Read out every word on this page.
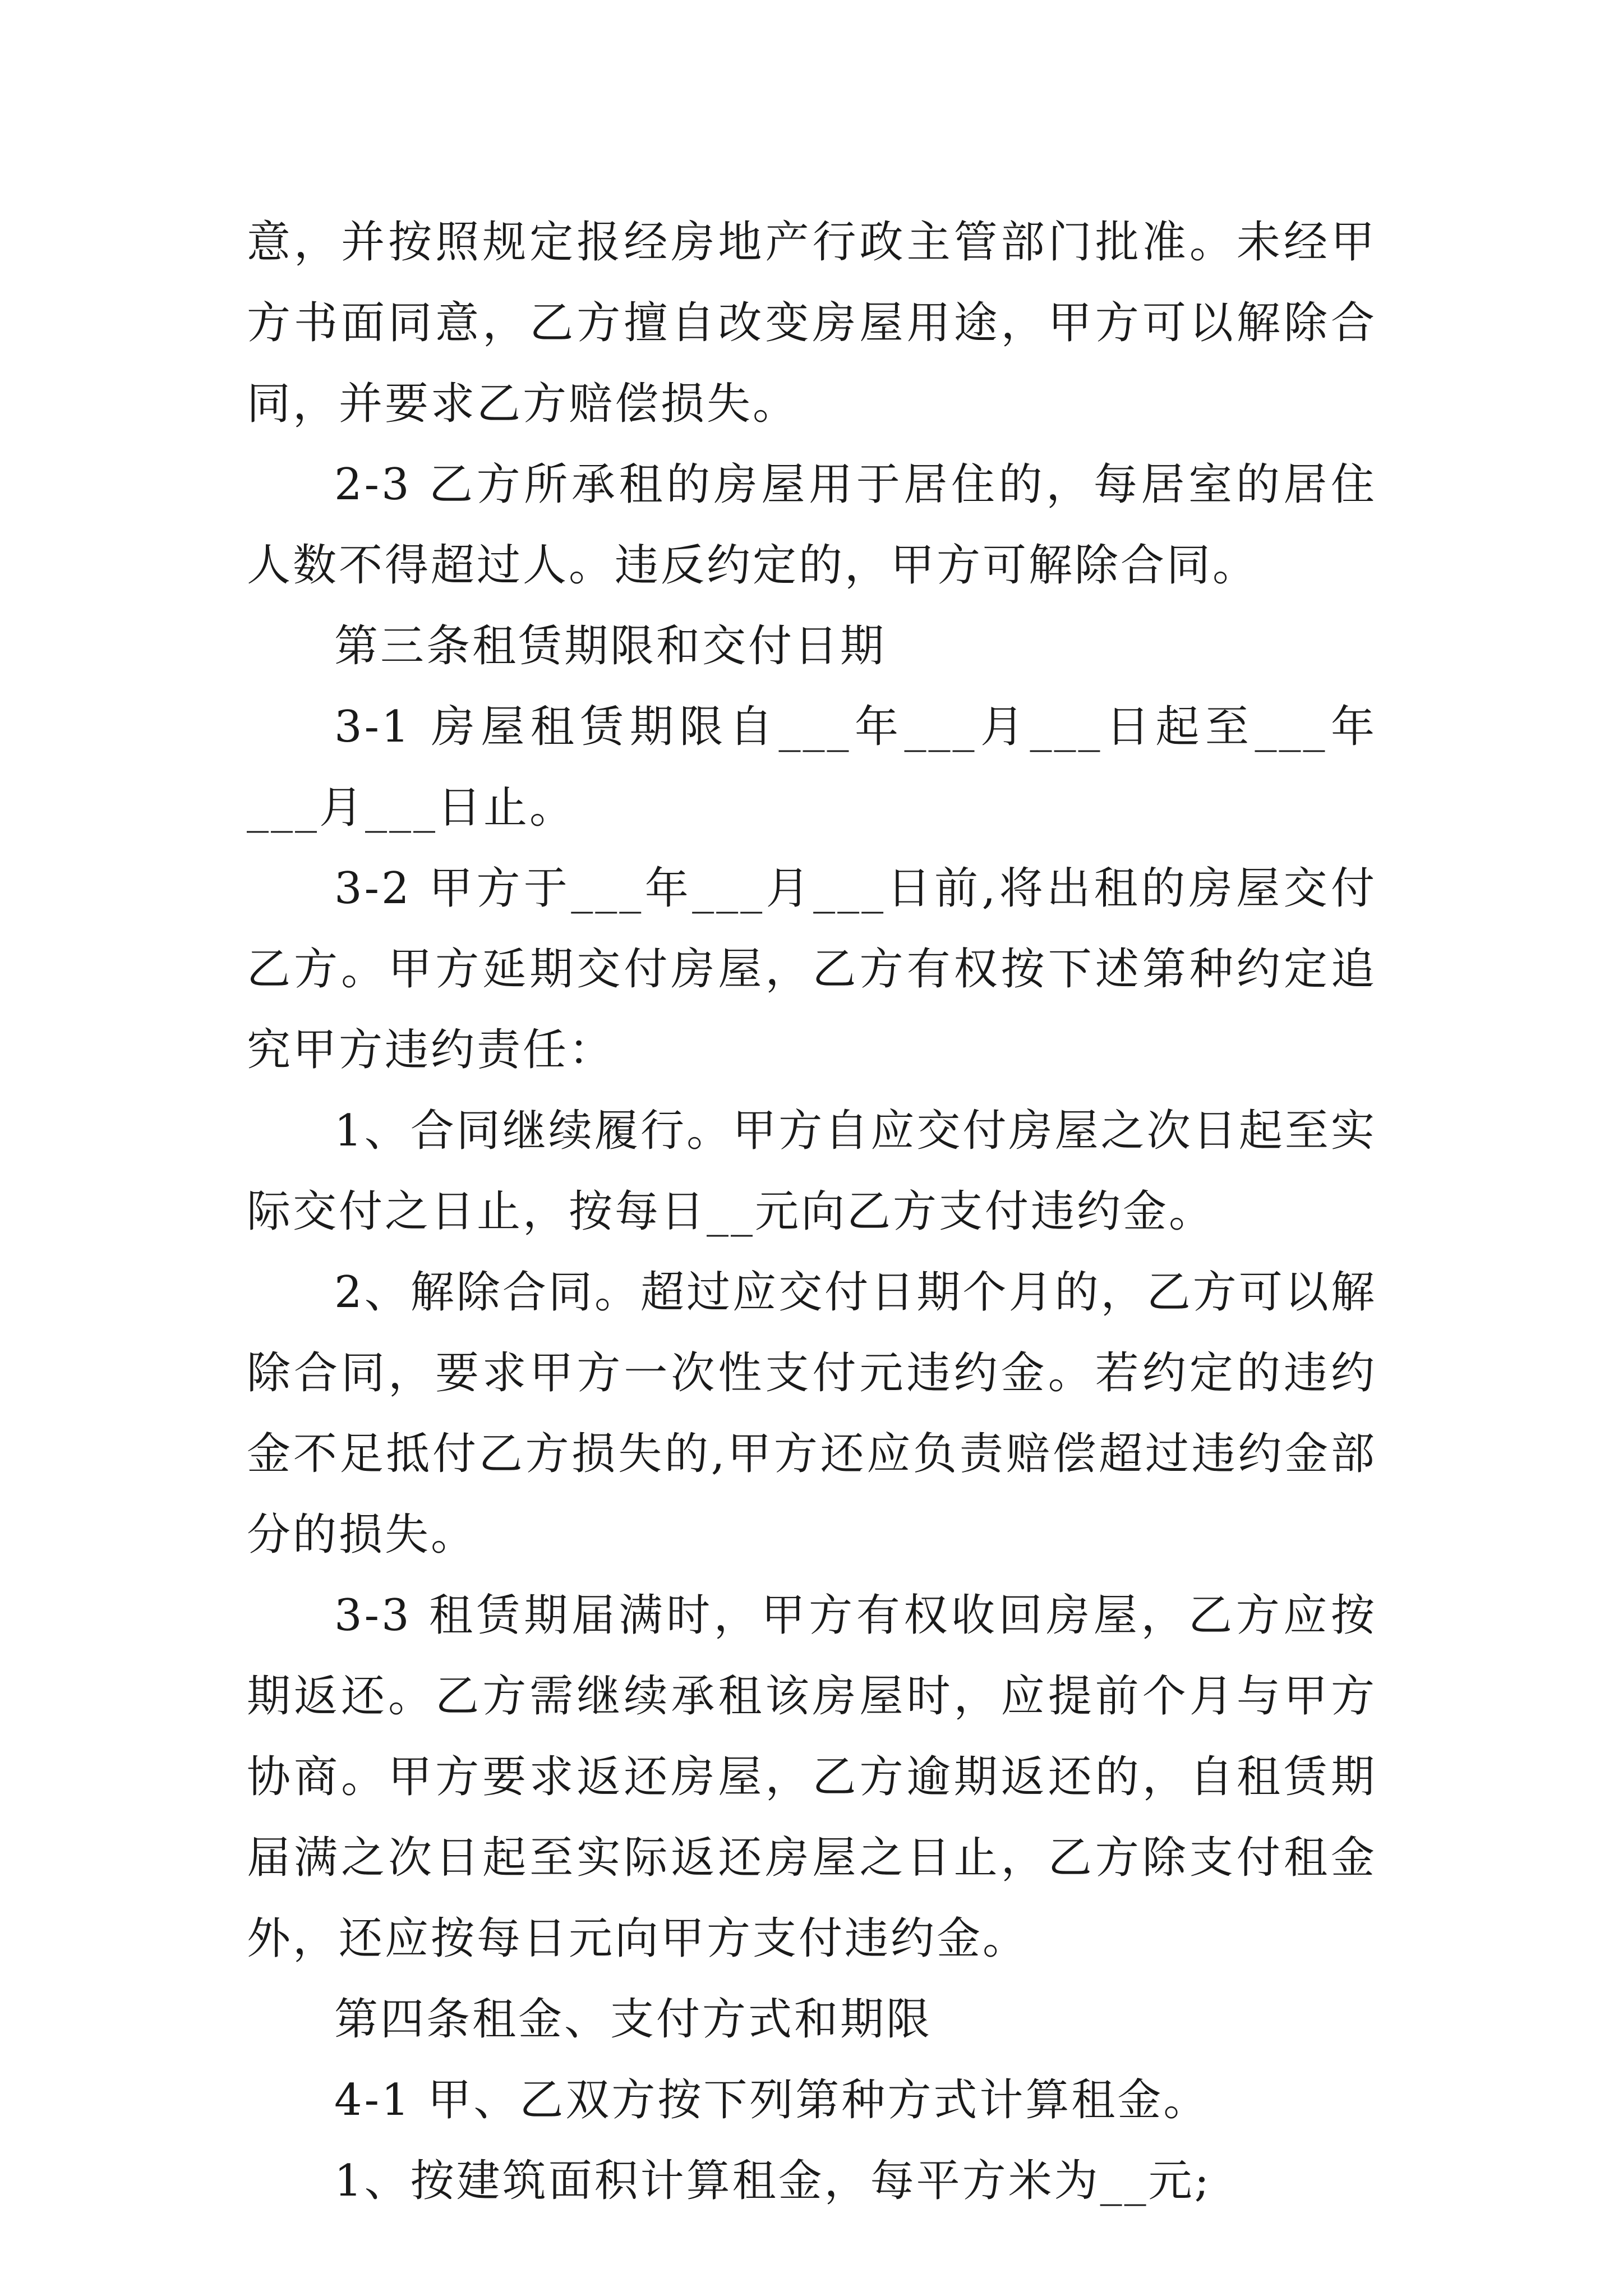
意，并按照规定报经房地产行政主管部门批准。未经甲方书面同意，乙方擅自改变房屋用途，甲方可以解除合同，并要求乙方赔偿损失。

2-3 乙方所承租的房屋用于居住的，每居室的居住人数不得超过人。违反约定的，甲方可解除合同。

第三条租赁期限和交付日期

3-1 房屋租赁期限自___年___月___日起至___年___月___日止。

3-2 甲方于___年___月___日前,将出租的房屋交付乙方。甲方延期交付房屋，乙方有权按下述第种约定追究甲方违约责任：

1、合同继续履行。甲方自应交付房屋之次日起至实际交付之日止，按每日__元向乙方支付违约金。

2、解除合同。超过应交付日期个月的，乙方可以解除合同，要求甲方一次性支付元违约金。若约定的违约金不足抵付乙方损失的,甲方还应负责赔偿超过违约金部分的损失。

3-3 租赁期届满时，甲方有权收回房屋，乙方应按期返还。乙方需继续承租该房屋时，应提前个月与甲方协商。甲方要求返还房屋，乙方逾期返还的，自租赁期届满之次日起至实际返还房屋之日止，乙方除支付租金外，还应按每日元向甲方支付违约金。

第四条租金、支付方式和期限

4-1 甲、乙双方按下列第种方式计算租金。

1、按建筑面积计算租金，每平方米为__元;
